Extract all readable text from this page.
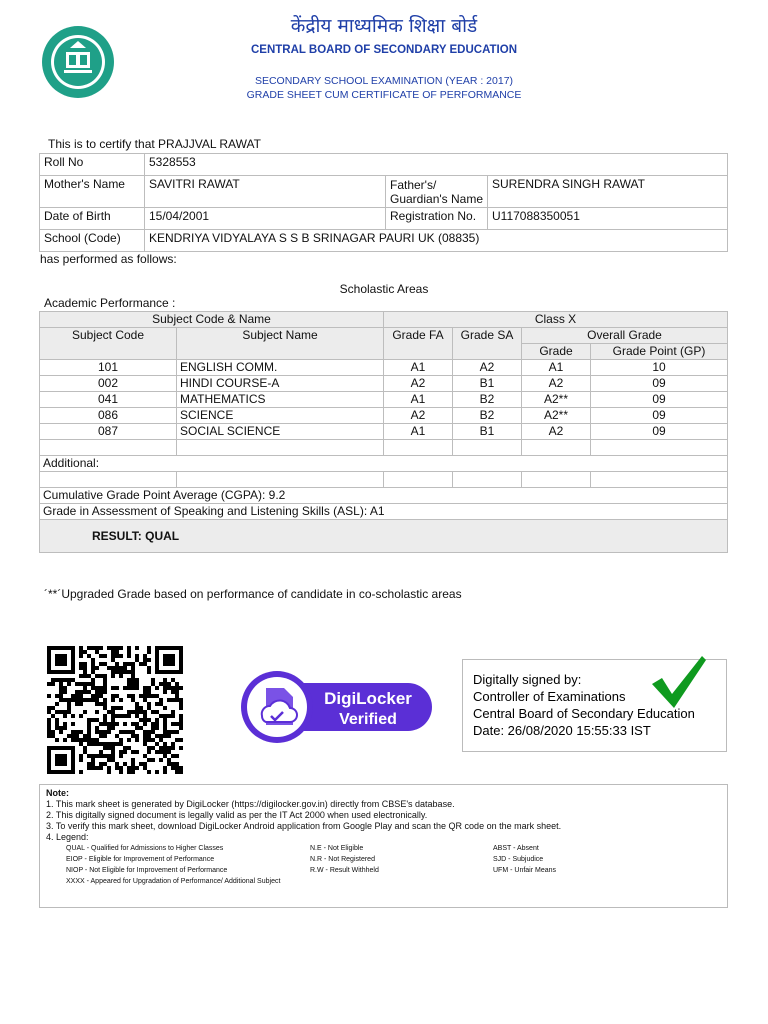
केंद्रीय माध्यमिक शिक्षा बोर्ड
CENTRAL BOARD OF SECONDARY EDUCATION
SECONDARY SCHOOL EXAMINATION (YEAR : 2017)
GRADE SHEET CUM CERTIFICATE OF PERFORMANCE
This is to certify that PRAJJVAL RAWAT
Roll No	5328553		
Mother's Name	SAVITRI RAWAT	Father's/ Guardian's Name	SURENDRA SINGH RAWAT
Date of Birth	15/04/2001	Registration No.	U117088350051
School (Code)	KENDRIYA VIDYALAYA S S B SRINAGAR PAURI UK (08835)		
has performed as follows:
Scholastic Areas
Academic Performance :
Subject Code & Name		Class X			
Subject Code	Subject Name	Grade FA	Grade SA	Overall Grade	
				Grade	Grade Point (GP)
101	ENGLISH COMM.	A1	A2	A1	10
002	HINDI COURSE-A	A2	B1	A2	09
041	MATHEMATICS	A1	B2	A2**	09
086	SCIENCE	A2	B2	A2**	09
087	SOCIAL SCIENCE	A1	B1	A2	09

Additional:					

Cumulative Grade Point Average (CGPA): 9.2					
Grade in Assessment of Speaking and Listening Skills (ASL): A1					
RESULT: QUAL					
´**´Upgraded Grade based on performance of candidate in co-scholastic areas
DigiLocker
Verified
Digitally signed by:
Controller of Examinations
Central Board of Secondary Education
Date: 26/08/2020 15:55:33 IST
Note:
1. This mark sheet is generated by DigiLocker (https://digilocker.gov.in) directly from CBSE's database.
2. This digitally signed document is legally valid as per the IT Act 2000 when used electronically.
3. To verify this mark sheet, download DigiLocker Android application from Google Play and scan the QR code on the mark sheet.
4. Legend:
QUAL - Qualified for Admissions to Higher Classes
EIOP - Eligible for Improvement of Performance
NIOP - Not Eligible for Improvement of Performance
XXXX - Appeared for Upgradation of Performance/ Additional Subject
N.E - Not Eligible
N.R - Not Registered
R.W - Result Withheld
ABST - Absent
SJD - Subjudice
UFM - Unfair Means
